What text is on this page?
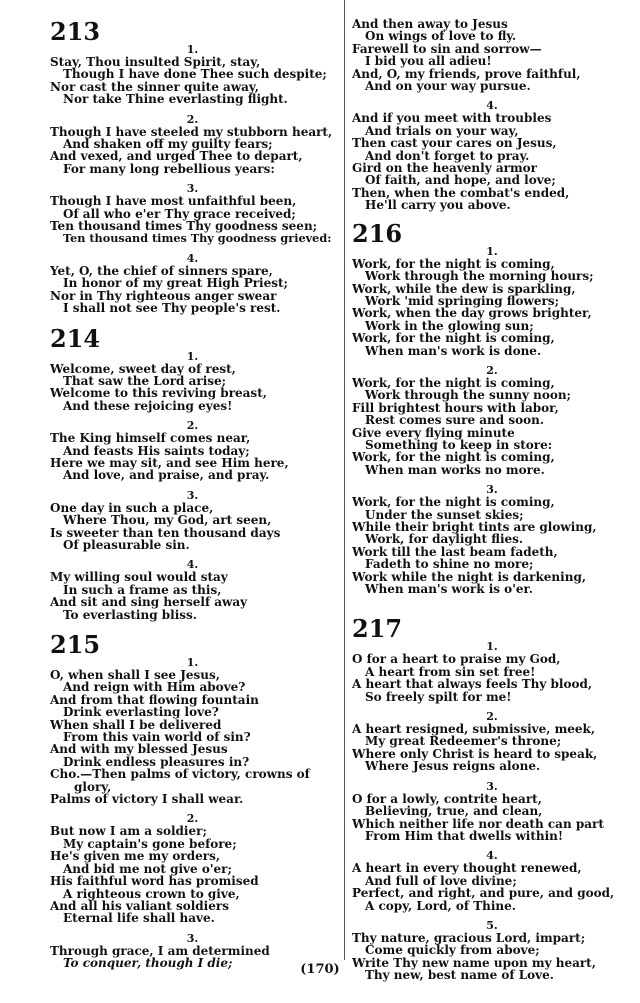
213
1.
Stay, Thou insulted Spirit, stay,
Though I have done Thee such despite;
Nor cast the sinner quite away,
Nor take Thine everlasting flight.
2.
Though I have steeled my stubborn heart,
And shaken off my guilty fears;
And vexed, and urged Thee to depart,
For many long rebellious years:
3.
Though I have most unfaithful been,
Of all who e'er Thy grace received;
Ten thousand times Thy goodness seen;
Ten thousand times Thy goodness grieved:
4.
Yet, O, the chief of sinners spare,
In honor of my great High Priest;
Nor in Thy righteous anger swear
I shall not see Thy people's rest.
214
1.
Welcome, sweet day of rest,
That saw the Lord arise;
Welcome to this reviving breast,
And these rejoicing eyes!
2.
The King himself comes near,
And feasts His saints today;
Here we may sit, and see Him here,
And love, and praise, and pray.
3.
One day in such a place,
Where Thou, my God, art seen,
Is sweeter than ten thousand days
Of pleasurable sin.
4.
My willing soul would stay
In such a frame as this,
And sit and sing herself away
To everlasting bliss.
215
1.
O, when shall I see Jesus,
And reign with Him above?
And from that flowing fountain
Drink everlasting love?
When shall I be delivered
From this vain world of sin?
And with my blessed Jesus
Drink endless pleasures in?
Cho.—Then palms of victory, crowns of
glory,
Palms of victory I shall wear.
2.
But now I am a soldier;
My captain's gone before;
He's given me my orders,
And bid me not give o'er;
His faithful word has promised
A righteous crown to give,
And all his valiant soldiers
Eternal life shall have.
3.
Through grace, I am determined
To conquer, though I die;
And then away to Jesus
On wings of love to fly.
Farewell to sin and sorrow—
I bid you all adieu!
And, O, my friends, prove faithful,
And on your way pursue.
4.
And if you meet with troubles
And trials on your way,
Then cast your cares on Jesus,
And don't forget to pray.
Gird on the heavenly armor
Of faith, and hope, and love;
Then, when the combat's ended,
He'll carry you above.
216
1.
Work, for the night is coming,
Work through the morning hours;
Work, while the dew is sparkling,
Work 'mid springing flowers;
Work, when the day grows brighter,
Work in the glowing sun;
Work, for the night is coming,
When man's work is done.
2.
Work, for the night is coming,
Work through the sunny noon;
Fill brightest hours with labor,
Rest comes sure and soon.
Give every flying minute
Something to keep in store:
Work, for the night is coming,
When man works no more.
3.
Work, for the night is coming,
Under the sunset skies;
While their bright tints are glowing,
Work, for daylight flies.
Work till the last beam fadeth,
Fadeth to shine no more;
Work while the night is darkening,
When man's work is o'er.
217
1.
O for a heart to praise my God,
A heart from sin set free!
A heart that always feels Thy blood,
So freely spilt for me!
2.
A heart resigned, submissive, meek,
My great Redeemer's throne;
Where only Christ is heard to speak,
Where Jesus reigns alone.
3.
O for a lowly, contrite heart,
Believing, true, and clean,
Which neither life nor death can part
From Him that dwells within!
4.
A heart in every thought renewed,
And full of love divine;
Perfect, and right, and pure, and good,
A copy, Lord, of Thine.
5.
Thy nature, gracious Lord, impart;
Come quickly from above;
Write Thy new name upon my heart,
Thy new, best name of Love.
(170)
